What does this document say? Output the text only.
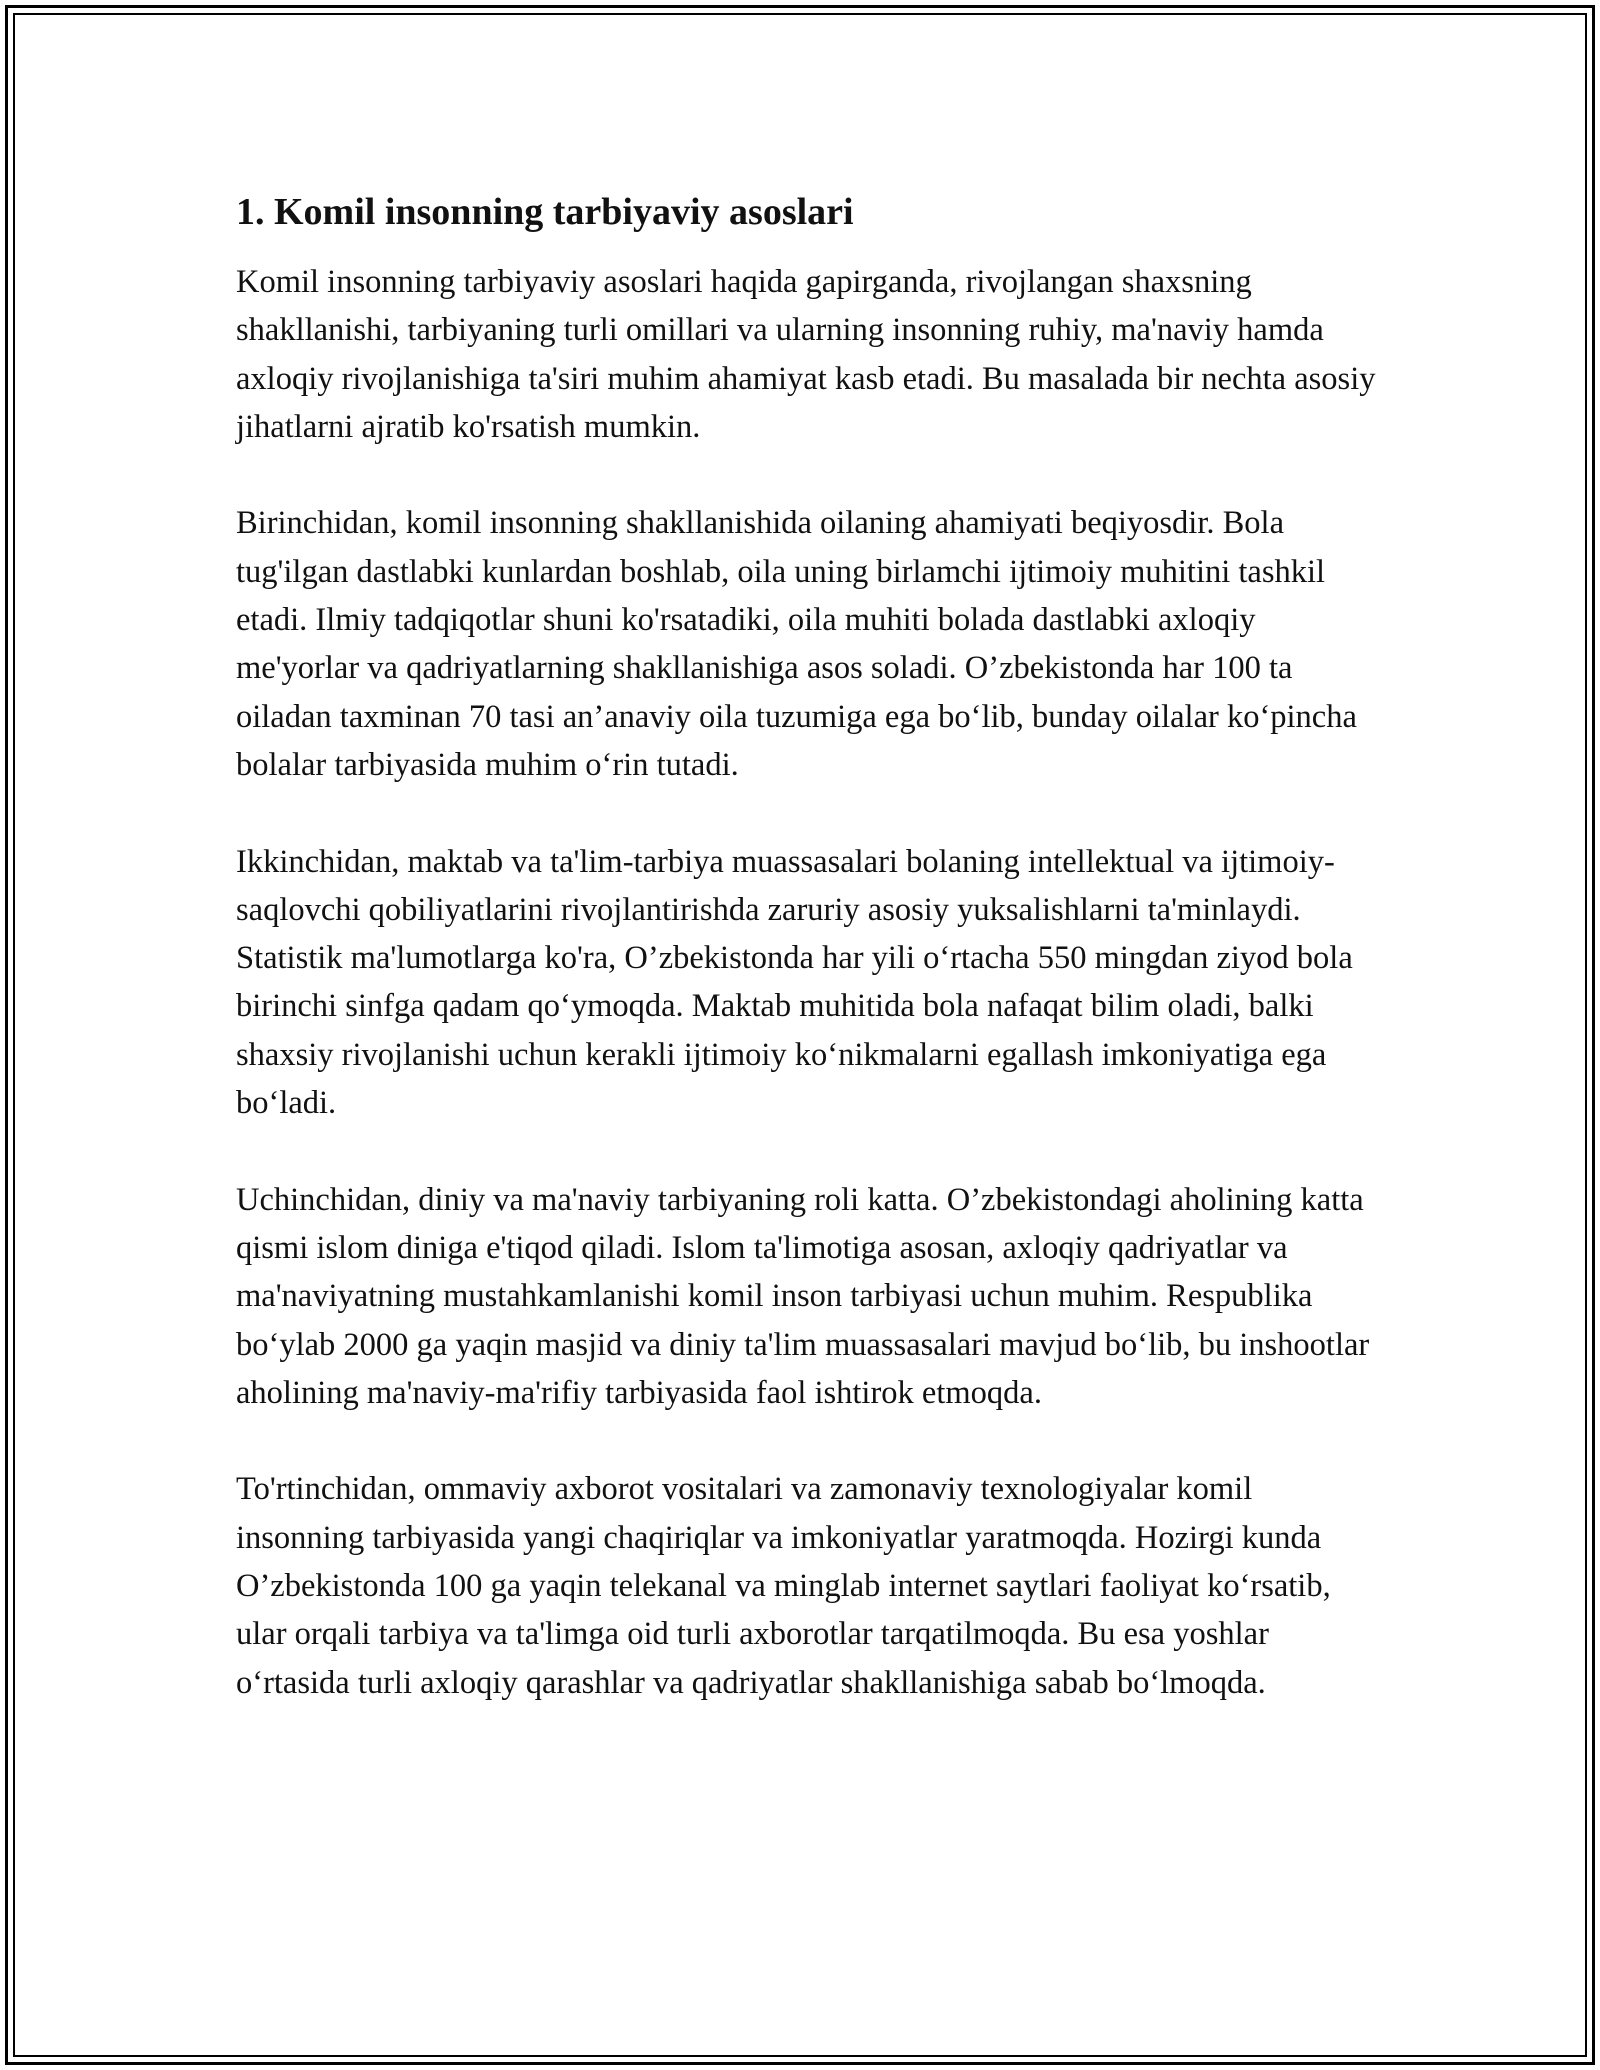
1. Komil insonning tarbiyaviy asoslari

Komil insonning tarbiyaviy asoslari haqida gapirganda, rivojlangan shaxsning shakllanishi, tarbiyaning turli omillari va ularning insonning ruhiy, ma'naviy hamda axloqiy rivojlanishiga ta'siri muhim ahamiyat kasb etadi. Bu masalada bir nechta asosiy jihatlarni ajratib ko'rsatish mumkin.

Birinchidan, komil insonning shakllanishida oilaning ahamiyati beqiyosdir. Bola tug'ilgan dastlabki kunlardan boshlab, oila uning birlamchi ijtimoiy muhitini tashkil etadi. Ilmiy tadqiqotlar shuni ko'rsatadiki, oila muhiti bolada dastlabki axloqiy me'yorlar va qadriyatlarning shakllanishiga asos soladi. O’zbekistonda har 100 ta oiladan taxminan 70 tasi an’anaviy oila tuzumiga ega bo‘lib, bunday oilalar ko‘pincha bolalar tarbiyasida muhim o‘rin tutadi.

Ikkinchidan, maktab va ta'lim-tarbiya muassasalari bolaning intellektual va ijtimoiy-saqlovchi qobiliyatlarini rivojlantirishda zaruriy asosiy yuksalishlarni ta'minlaydi. Statistik ma'lumotlarga ko'ra, O’zbekistonda har yili o‘rtacha 550 mingdan ziyod bola birinchi sinfga qadam qo‘ymoqda. Maktab muhitida bola nafaqat bilim oladi, balki shaxsiy rivojlanishi uchun kerakli ijtimoiy ko‘nikmalarni egallash imkoniyatiga ega bo‘ladi.

Uchinchidan, diniy va ma'naviy tarbiyaning roli katta. O’zbekistondagi aholining katta qismi islom diniga e'tiqod qiladi. Islom ta'limotiga asosan, axloqiy qadriyatlar va ma'naviyatning mustahkamlanishi komil inson tarbiyasi uchun muhim. Respublika bo‘ylab 2000 ga yaqin masjid va diniy ta'lim muassasalari mavjud bo‘lib, bu inshootlar aholining ma'naviy-ma'rifiy tarbiyasida faol ishtirok etmoqda.

To'rtinchidan, ommaviy axborot vositalari va zamonaviy texnologiyalar komil insonning tarbiyasida yangi chaqiriqlar va imkoniyatlar yaratmoqda. Hozirgi kunda O’zbekistonda 100 ga yaqin telekanal va minglab internet saytlari faoliyat ko‘rsatib, ular orqali tarbiya va ta'limga oid turli axborotlar tarqatilmoqda. Bu esa yoshlar o‘rtasida turli axloqiy qarashlar va qadriyatlar shakllanishiga sabab bo‘lmoqda.
